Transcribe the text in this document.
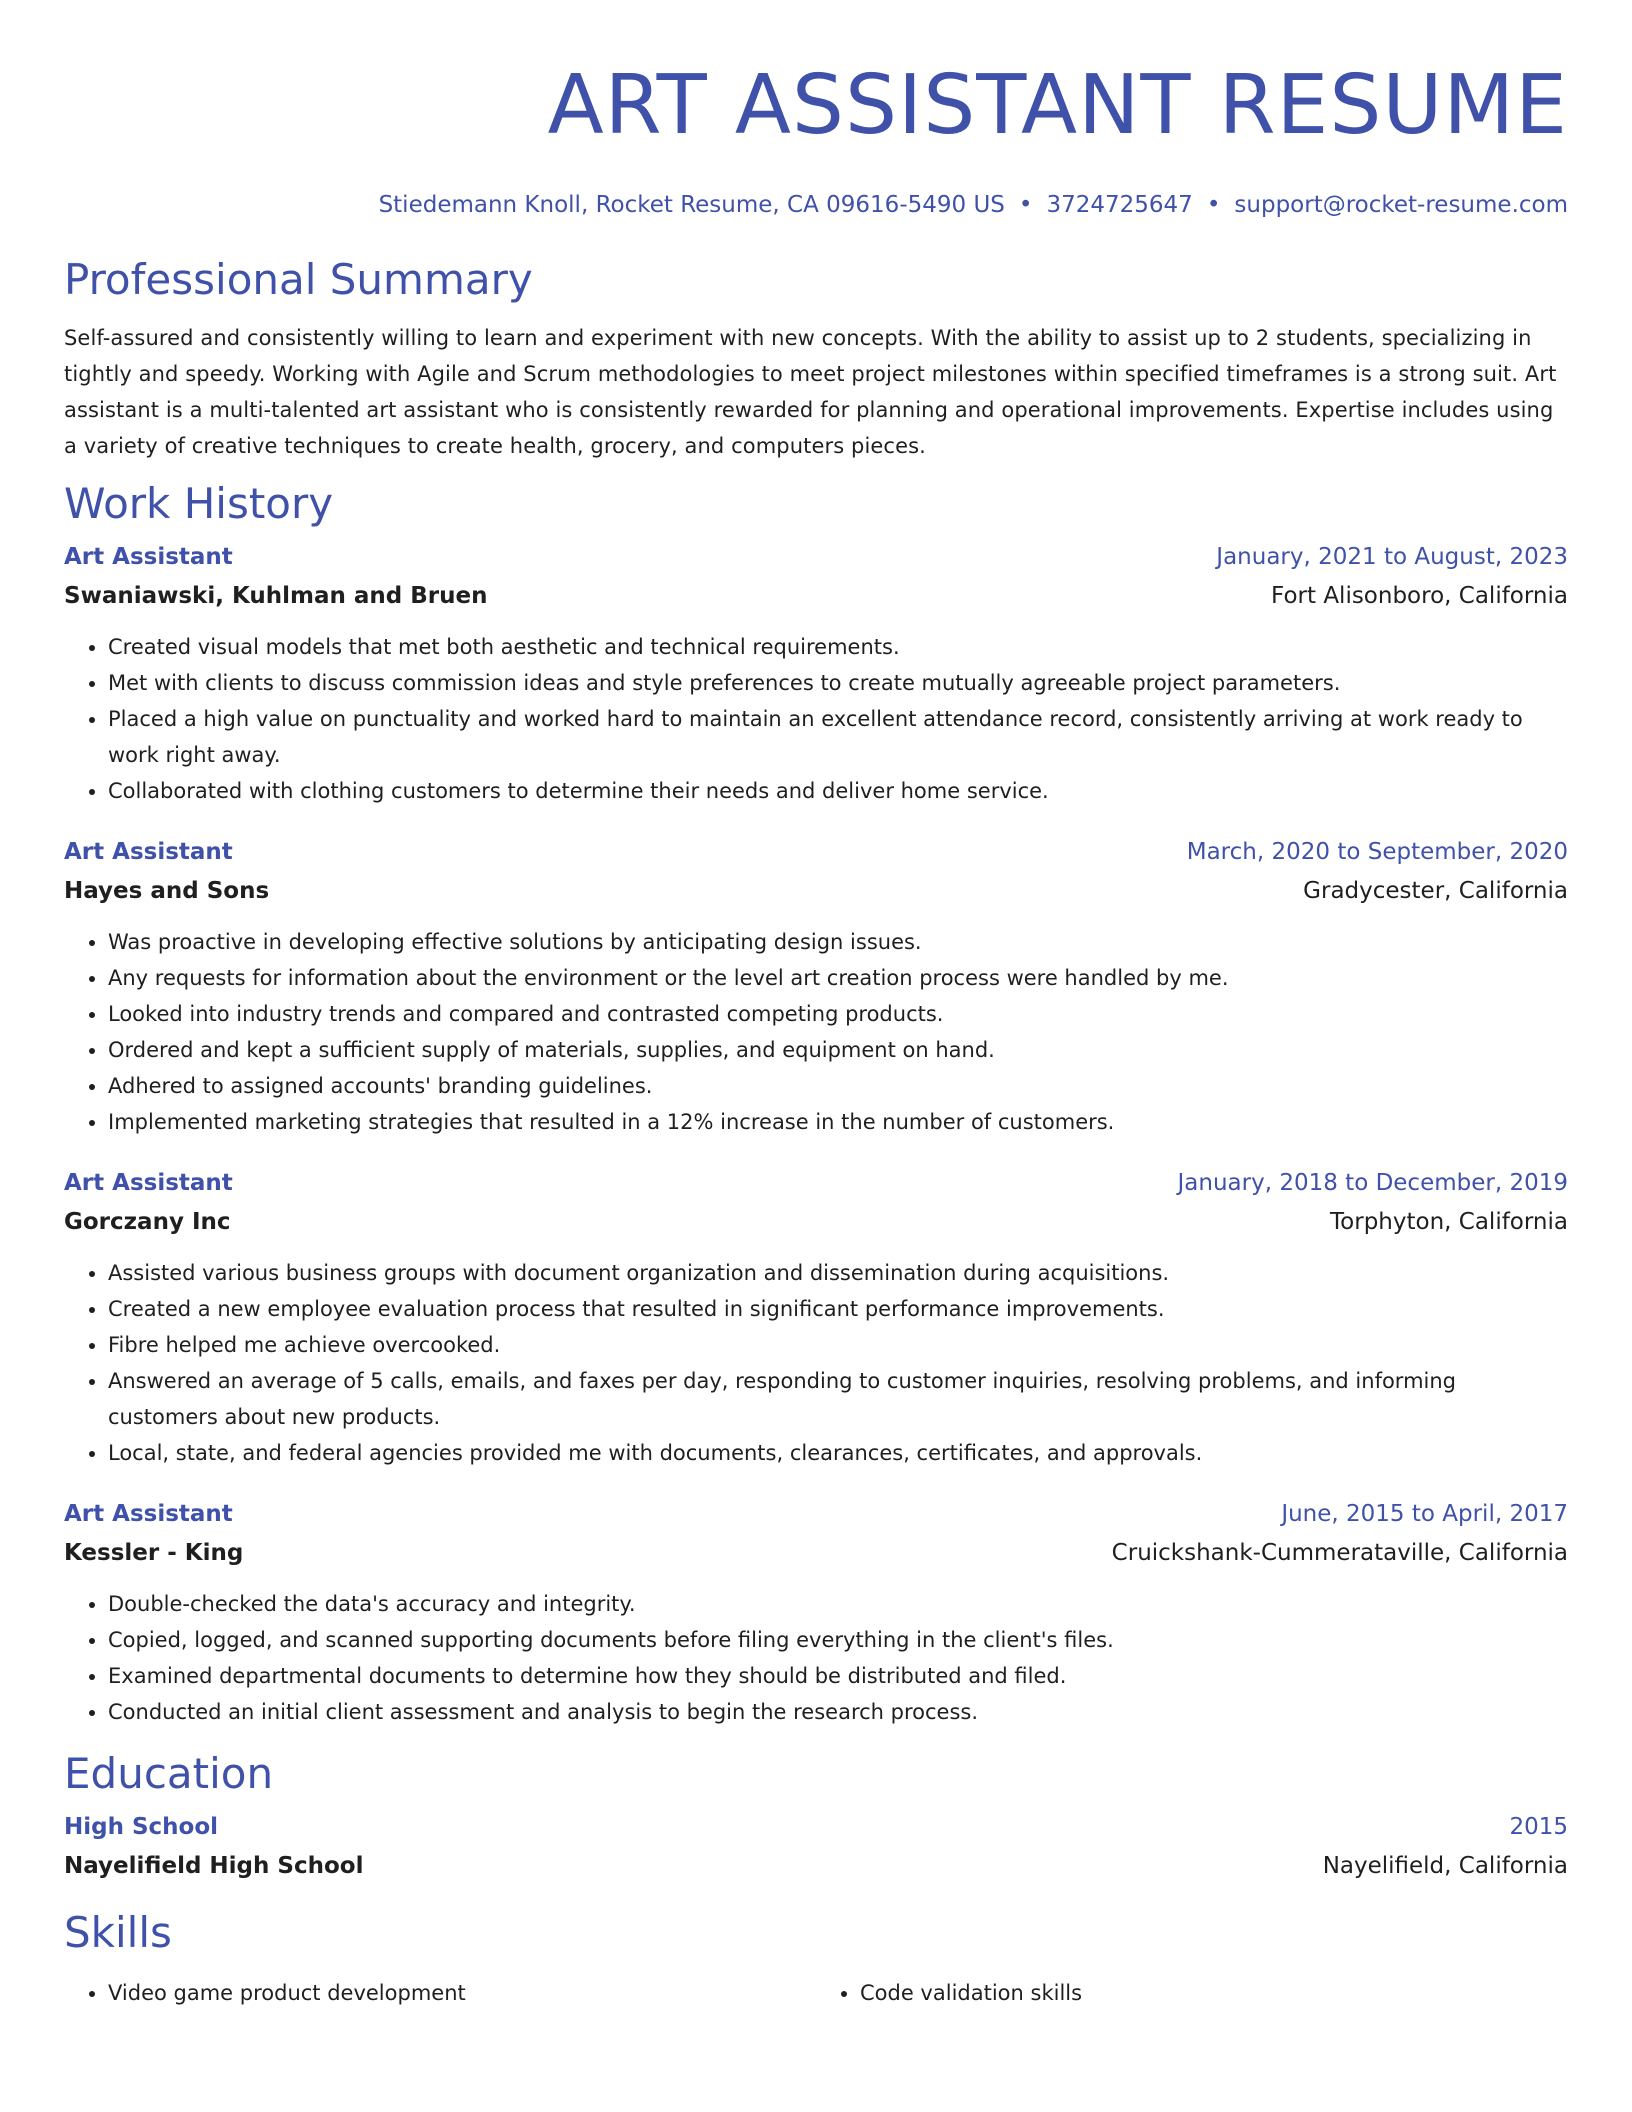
ART ASSISTANT RESUME
Stiedemann Knoll, Rocket Resume, CA 09616-5490 US • 3724725647 • support@rocket-resume.com
Professional Summary

Self-assured and consistently willing to learn and experiment with new concepts. With the ability to assist up to 2 students, specializing in tightly and speedy. Working with Agile and Scrum methodologies to meet project milestones within specified timeframes is a strong suit. Art assistant is a multi-talented art assistant who is consistently rewarded for planning and operational improvements. Expertise includes using a variety of creative techniques to create health, grocery, and computers pieces.

Work History
Art Assistant	January, 2021 to August, 2023
Swaniawski, Kuhlman and Bruen	Fort Alisonboro, California
• Created visual models that met both aesthetic and technical requirements.
• Met with clients to discuss commission ideas and style preferences to create mutually agreeable project parameters.
• Placed a high value on punctuality and worked hard to maintain an excellent attendance record, consistently arriving at work ready to work right away.
• Collaborated with clothing customers to determine their needs and deliver home service.
Art Assistant	March, 2020 to September, 2020
Hayes and Sons	Gradycester, California
• Was proactive in developing effective solutions by anticipating design issues.
• Any requests for information about the environment or the level art creation process were handled by me.
• Looked into industry trends and compared and contrasted competing products.
• Ordered and kept a sufficient supply of materials, supplies, and equipment on hand.
• Adhered to assigned accounts' branding guidelines.
• Implemented marketing strategies that resulted in a 12% increase in the number of customers.
Art Assistant	January, 2018 to December, 2019
Gorczany Inc	Torphyton, California
• Assisted various business groups with document organization and dissemination during acquisitions.
• Created a new employee evaluation process that resulted in significant performance improvements.
• Fibre helped me achieve overcooked.
• Answered an average of 5 calls, emails, and faxes per day, responding to customer inquiries, resolving problems, and informing customers about new products.
• Local, state, and federal agencies provided me with documents, clearances, certificates, and approvals.
Art Assistant	June, 2015 to April, 2017
Kessler - King	Cruickshank-Cummerataville, California
• Double-checked the data's accuracy and integrity.
• Copied, logged, and scanned supporting documents before filing everything in the client's files.
• Examined departmental documents to determine how they should be distributed and filed.
• Conducted an initial client assessment and analysis to begin the research process.
Education
High School	2015
Nayelifield High School	Nayelifield, California
Skills
• Video game product development
•	Code validation skills
